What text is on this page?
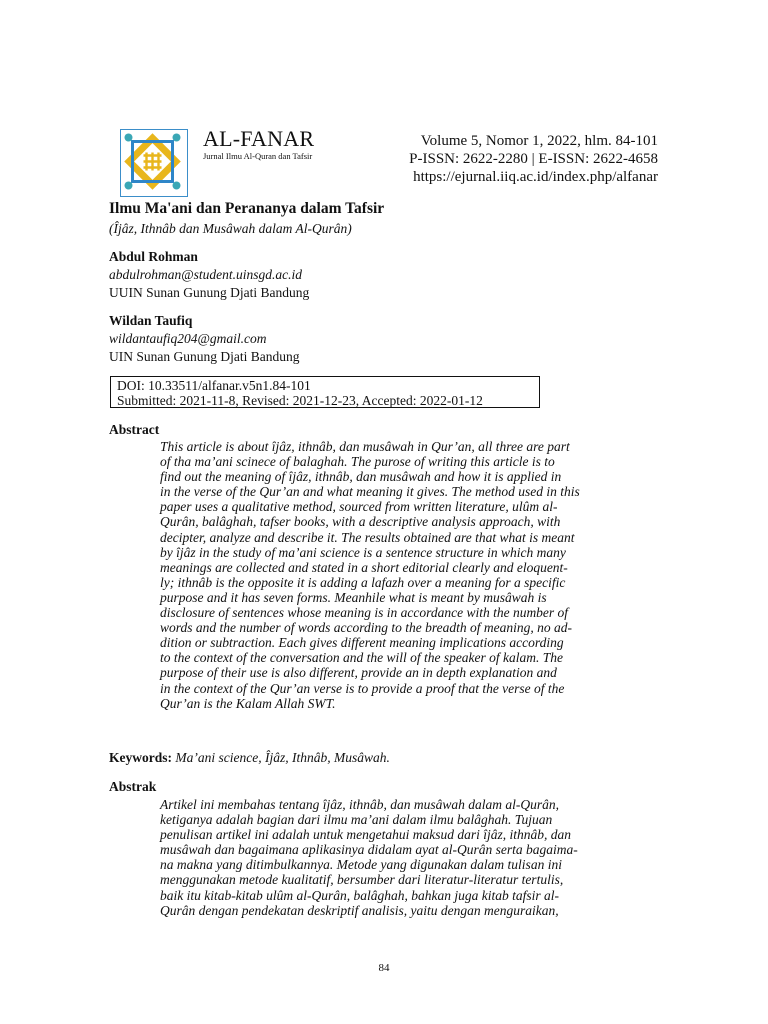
AL-FANAR
Jurnal Ilmu Al-Quran dan Tafsir
Volume 5, Nomor 1, 2022, hlm. 84-101
P-ISSN: 2622-2280 | E-ISSN: 2622-4658
https://ejurnal.iiq.ac.id/index.php/alfanar
Ilmu Ma'ani dan Perananya dalam Tafsir
(Îjâz, Ithnâb dan Musâwah dalam Al-Qurân)
Abdul Rohman
abdulrohman@student.uinsgd.ac.id
UUIN Sunan Gunung Djati Bandung
Wildan Taufiq
wildantaufiq204@gmail.com
UIN Sunan Gunung Djati Bandung
DOI: 10.33511/alfanar.v5n1.84-101
Submitted: 2021-11-8, Revised: 2021-12-23, Accepted: 2022-01-12
Abstract
This article is about îjâz, ithnâb, dan musâwah in Qur’an, all three are part
of tha ma’ani scinece of balaghah. The purose of writing this article is to
find out the meaning of îjâz, ithnâb, dan musâwah and how it is applied in
in the verse of the Qur’an and what meaning it gives. The method used in this
paper uses a qualitative method, sourced from written literature, ulûm al-
Qurân, balâghah, tafser books, with a descriptive analysis approach, with
decipter, analyze and describe it. The results obtained are that what is meant
by îjâz in the study of ma’ani science is a sentence structure in which many
meanings are collected and stated in a short editorial clearly and eloquent-
ly; ithnâb is the opposite it is adding a lafazh over a meaning for a specific
purpose and it has seven forms. Meanhile what is meant by musâwah is
disclosure of sentences whose meaning is in accordance with the number of
words and the number of words according to the breadth of meaning, no ad-
dition or subtraction. Each gives different meaning implications according
to the context of the conversation and the will of the speaker of kalam. The
purpose of their use is also different, provide an in depth explanation and
in the context of the Qur’an verse is to provide a proof that the verse of the
Qur’an is the Kalam Allah SWT.
Keywords: Ma’ani science, Îjâz, Ithnâb, Musâwah.
Abstrak
Artikel ini membahas tentang îjâz, ithnâb, dan musâwah dalam al-Qurân,
ketiganya adalah bagian dari ilmu ma’ani dalam ilmu balâghah. Tujuan
penulisan artikel ini adalah untuk mengetahui maksud dari îjâz, ithnâb, dan
musâwah dan bagaimana aplikasinya didalam ayat al-Qurân serta bagaima-
na makna yang ditimbulkannya. Metode yang digunakan dalam tulisan ini
menggunakan metode kualitatif, bersumber dari literatur-literatur tertulis,
baik itu kitab-kitab ulûm al-Qurân, balâghah, bahkan juga kitab tafsir al-
Qurân dengan pendekatan deskriptif analisis, yaitu dengan menguraikan,
84
